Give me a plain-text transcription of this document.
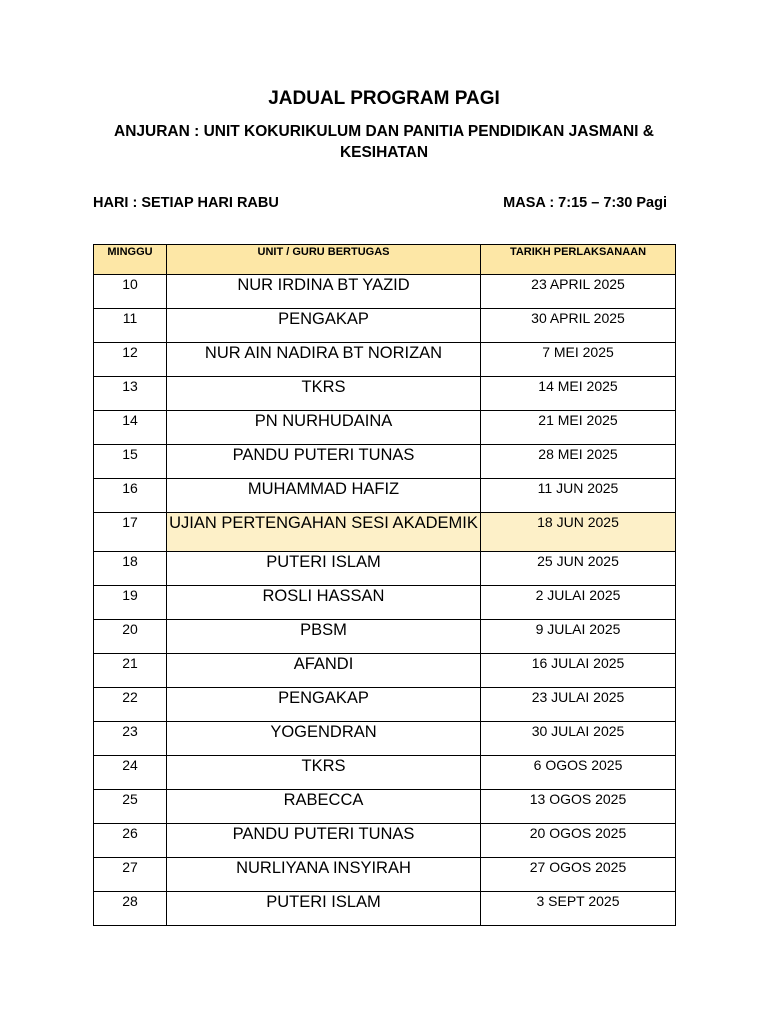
JADUAL PROGRAM PAGI
ANJURAN : UNIT KOKURIKULUM DAN PANITIA PENDIDIKAN JASMANI & KESIHATAN
HARI : SETIAP HARI RABU	MASA : 7:15 – 7:30 Pagi
MINGGU	UNIT / GURU BERTUGAS	TARIKH PERLAKSANAAN
10	NUR IRDINA BT YAZID	23 APRIL 2025
11	PENGAKAP	30 APRIL 2025
12	NUR AIN NADIRA BT NORIZAN	7 MEI 2025
13	TKRS	14 MEI 2025
14	PN NURHUDAINA	21 MEI 2025
15	PANDU PUTERI TUNAS	28 MEI 2025
16	MUHAMMAD HAFIZ	11 JUN 2025
17	UJIAN PERTENGAHAN SESI AKADEMIK	18 JUN 2025
18	PUTERI ISLAM	25 JUN 2025
19	ROSLI HASSAN	2 JULAI 2025
20	PBSM	9 JULAI 2025
21	AFANDI	16 JULAI 2025
22	PENGAKAP	23 JULAI 2025
23	YOGENDRAN	30 JULAI 2025
24	TKRS	6 OGOS 2025
25	RABECCA	13 OGOS 2025
26	PANDU PUTERI TUNAS	20 OGOS 2025
27	NURLIYANA INSYIRAH	27 OGOS 2025
28	PUTERI ISLAM	3 SEPT 2025
